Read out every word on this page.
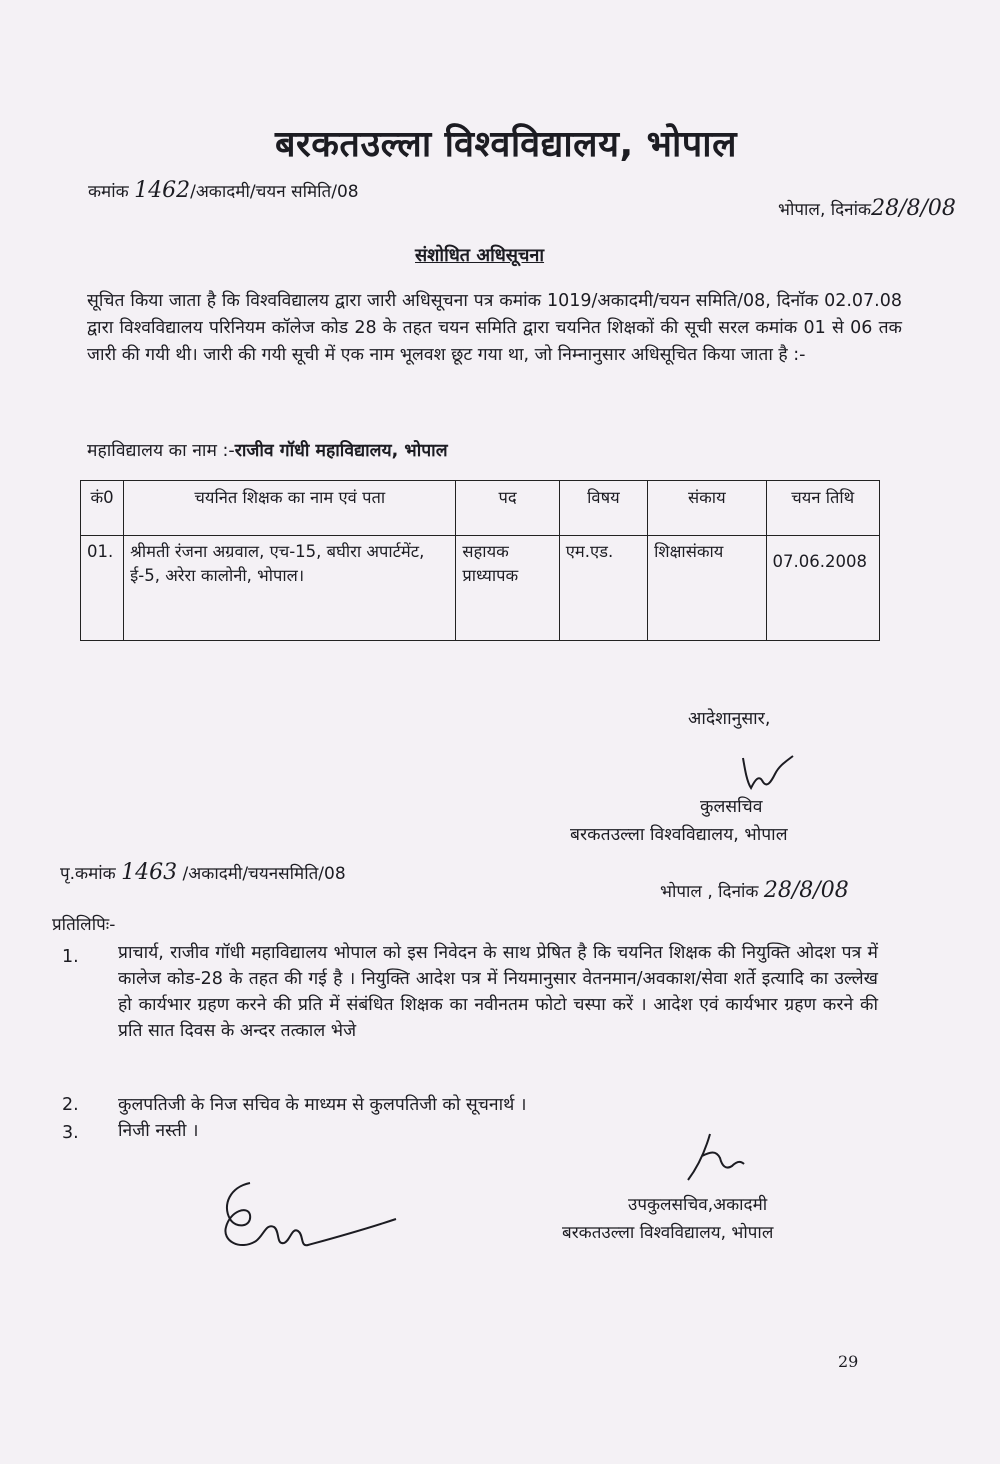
बरकतउल्ला विश्वविद्यालय, भोपाल
कमांक 1462/अकादमी/चयन समिति/08
भोपाल, दिनांक28/8/08
संशोधित अधिसूचना
सूचित किया जाता है कि विश्वविद्यालय द्वारा जारी अधिसूचना पत्र कमांक 1019/अकादमी/चयन समिति/08, दिनॉक 02.07.08 द्वारा विश्वविद्यालय परिनियम कॉलेज कोड 28 के तहत चयन समिति द्वारा चयनित शिक्षकों की सूची सरल कमांक 01 से 06 तक जारी की गयी थी। जारी की गयी सूची में एक नाम भूलवश छूट गया था, जो निम्नानुसार अधिसूचित किया जाता है :-
महाविद्यालय का नाम :-राजीव गॉधी महाविद्यालय, भोपाल
कं0	चयनित शिक्षक का नाम एवं पता	पद	विषय	संकाय	चयन तिथि
01.	श्रीमती रंजना अग्रवाल, एच-15, बघीरा अपार्टमेंट, ई-5, अरेरा कालोनी, भोपाल।	सहायक प्राध्यापक	एम.एड.	शिक्षासंकाय	07.06.2008
आदेशानुसार,
कुलसचिव
बरकतउल्ला विश्वविद्यालय, भोपाल
पृ.कमांक 1463 /अकादमी/चयनसमिति/08
भोपाल , दिनांक 28/8/08
प्रतिलिपिः-
1. प्राचार्य, राजीव गॉधी महाविद्यालय भोपाल को इस निवेदन के साथ प्रेषित है कि चयनित शिक्षक की नियुक्ति ओदश पत्र में कालेज कोड-28 के तहत की गई है । नियुक्ति आदेश पत्र में नियमानुसार वेतनमान/अवकाश/सेवा शर्ते इत्यादि का उल्लेख हो कार्यभार ग्रहण करने की प्रति में संबंधित शिक्षक का नवीनतम फोटो चस्पा करें । आदेश एवं कार्यभार ग्रहण करने की प्रति सात दिवस के अन्दर तत्काल भेजे
2. कुलपतिजी के निज सचिव के माध्यम से कुलपतिजी को सूचनार्थ ।
3. निजी नस्ती ।
उपकुलसचिव,अकादमी
बरकतउल्ला विश्वविद्यालय, भोपाल
29
